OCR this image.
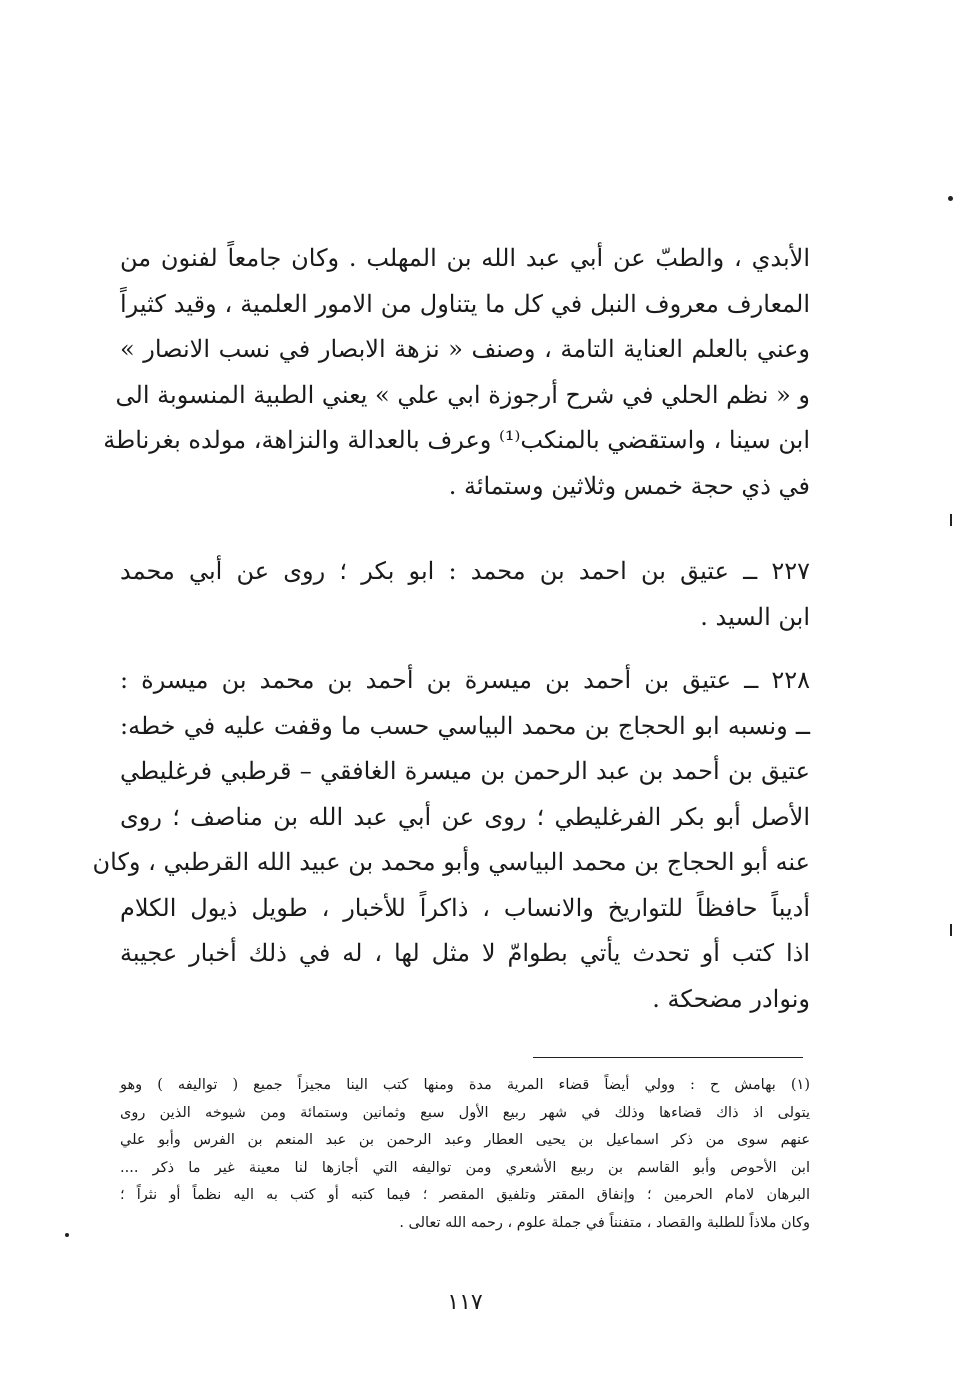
الأبدي ، والطبّ عن أبي عبد الله بن المهلب . وكان جامعاً لفنون من
المعارف معروف النبل في كل ما يتناول من الامور العلمية ، وقيد كثيراً
وعني بالعلم العناية التامة ، وصنف « نزهة الابصار في نسب الانصار »
و « نظم الحلي في شرح أرجوزة ابي علي » يعني الطبية المنسوبة الى
ابن سينا ، واستقضي بالمنكب⁽¹⁾ وعرف بالعدالة والنزاهة، مولده بغرناطة
في ذي حجة خمس وثلاثين وستمائة .
٢٢٧ ــ عتيق بن احمد بن محمد : ابو بكر ؛ روى عن أبي محمد
ابن السيد .
٢٢٨ ــ عتيق بن أحمد بن ميسرة بن أحمد بن محمد بن ميسرة :
ــ ونسبه ابو الحجاج بن محمد البياسي حسب ما وقفت عليه في خطه:
عتيق بن أحمد بن عبد الرحمن بن ميسرة الغافقي – قرطبي فرغليطي
الأصل أبو بكر الفرغليطي ؛ روى عن أبي عبد الله بن مناصف ؛ روى
عنه أبو الحجاج بن محمد البياسي وأبو محمد بن عبيد الله القرطبي ، وكان
أديباً حافظاً للتواريخ والانساب ، ذاكراً للأخبار ، طويل ذيول الكلام
اذا كتب أو تحدث يأتي بطوامّ لا مثل لها ، له في ذلك أخبار عجيبة
ونوادر مضحكة .
(١) بهامش ح : وولي أيضاً قضاء المرية مدة ومنها كتب الينا مجيزاً جميع ( تواليفه ) وهو
يتولى اذ ذاك قضاءها وذلك في شهر ربيع الأول سبع وثمانين وستمائة ومن شيوخه الذين روى
عنهم سوى من ذكر اسماعيل بن يحيى العطار وعبد الرحمن بن عبد المنعم بن الفرس وأبو علي
ابن الأحوص وأبو القاسم بن ربيع الأشعري ومن تواليفه التي أجازها لنا معينة غير ما ذكر ....
البرهان لامام الحرمين ؛ وإنفاق المقتر وتلفيق المقصر ؛ فيما كتبه أو كتب به اليه نظماً أو نثراً ؛
وكان ملاذاً للطلبة والقصاد ، متفنناً في جملة علوم ، رحمه الله تعالى .
١١٧
